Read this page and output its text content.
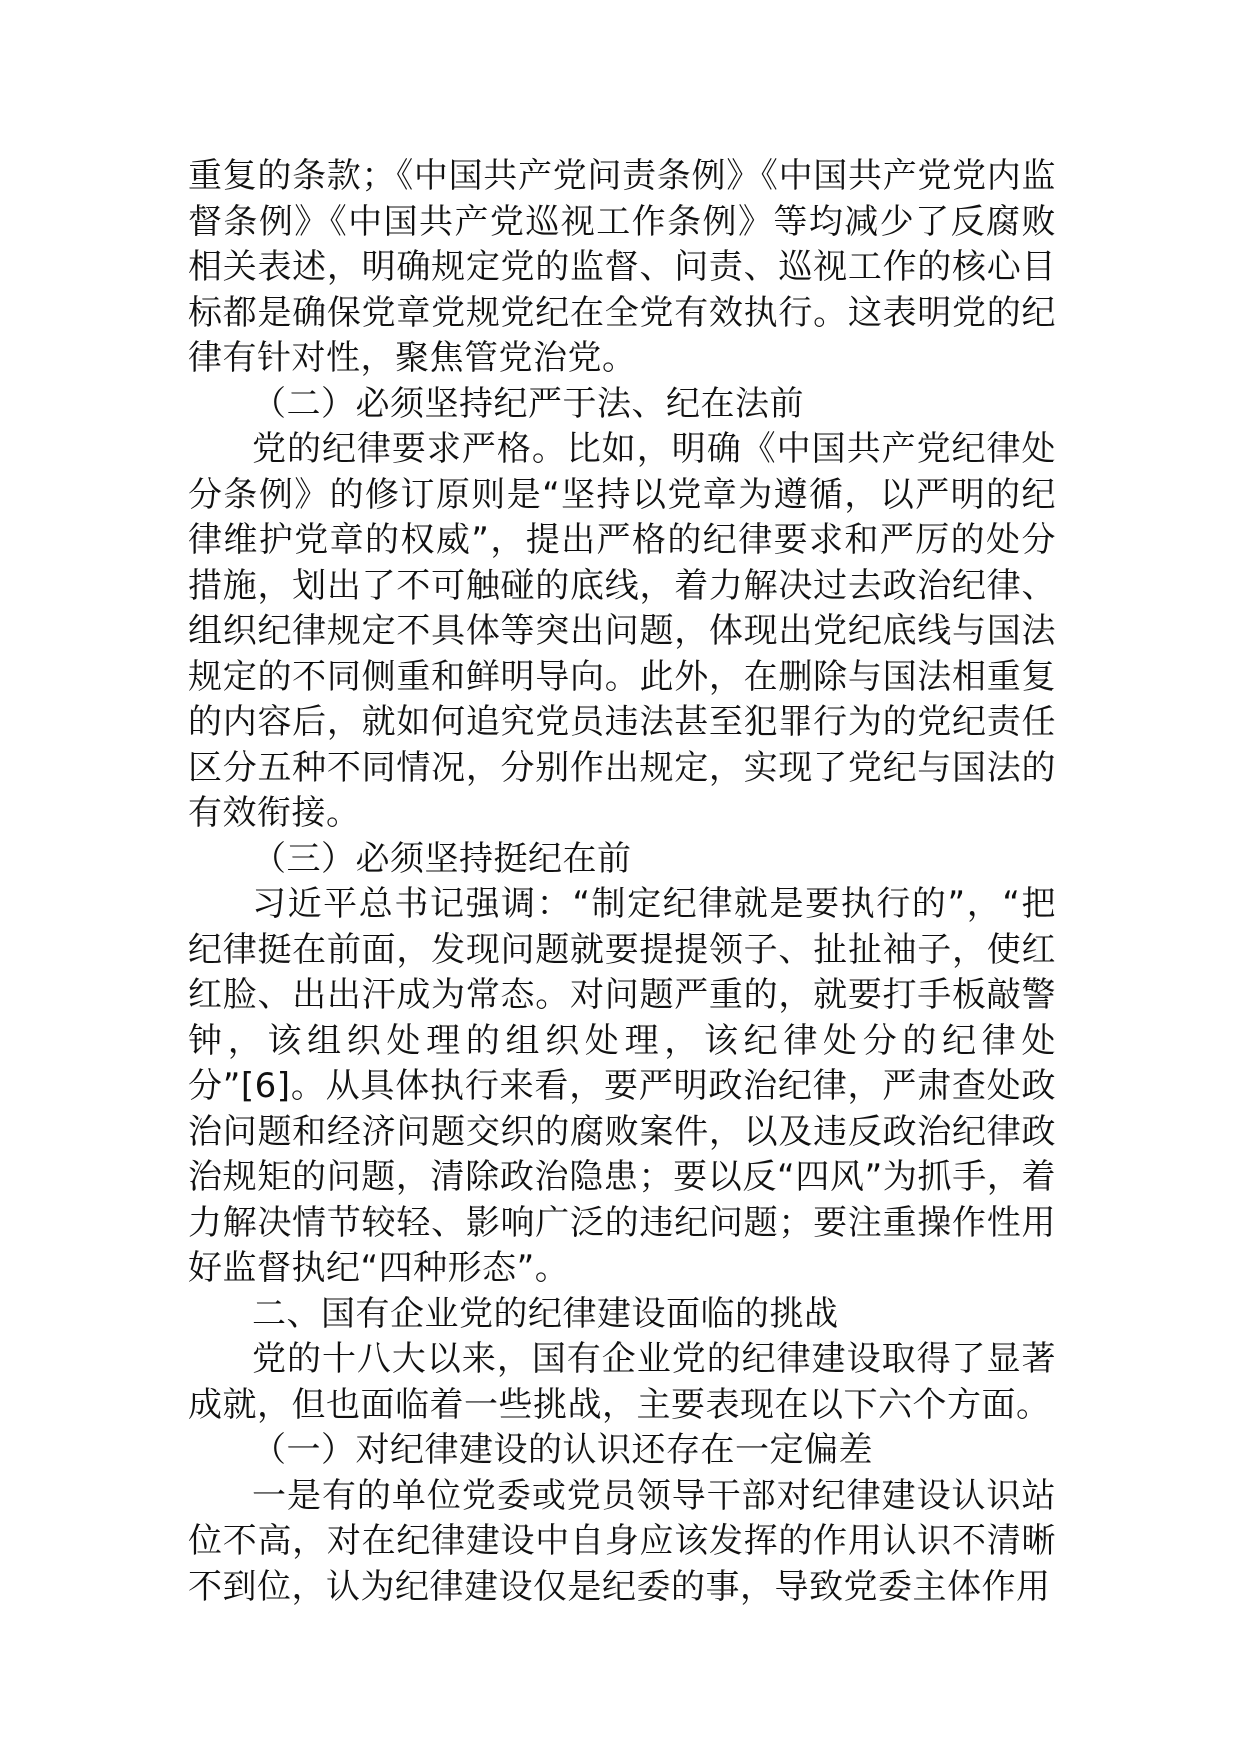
重复的条款；《中国共产党问责条例》《中国共产党党内监督条例》《中国共产党巡视工作条例》等均减少了反腐败相关表述，明确规定党的监督、问责、巡视工作的核心目标都是确保党章党规党纪在全党有效执行。这表明党的纪律有针对性，聚焦管党治党。

（二）必须坚持纪严于法、纪在法前

党的纪律要求严格。比如，明确《中国共产党纪律处分条例》的修订原则是“坚持以党章为遵循，以严明的纪律维护党章的权威”，提出严格的纪律要求和严厉的处分措施，划出了不可触碰的底线，着力解决过去政治纪律、组织纪律规定不具体等突出问题，体现出党纪底线与国法规定的不同侧重和鲜明导向。此外，在删除与国法相重复的内容后，就如何追究党员违法甚至犯罪行为的党纪责任区分五种不同情况，分别作出规定，实现了党纪与国法的有效衔接。

（三）必须坚持挺纪在前

习近平总书记强调：“制定纪律就是要执行的”，“把纪律挺在前面，发现问题就要提提领子、扯扯袖子，使红红脸、出出汗成为常态。对问题严重的，就要打手板敲警钟，该组织处理的组织处理，该纪律处分的纪律处分”[6]。从具体执行来看，要严明政治纪律，严肃查处政治问题和经济问题交织的腐败案件，以及违反政治纪律政治规矩的问题，清除政治隐患；要以反“四风”为抓手，着力解决情节较轻、影响广泛的违纪问题；要注重操作性用好监督执纪“四种形态”。

二、国有企业党的纪律建设面临的挑战

党的十八大以来，国有企业党的纪律建设取得了显著成就，但也面临着一些挑战，主要表现在以下六个方面。

（一）对纪律建设的认识还存在一定偏差

一是有的单位党委或党员领导干部对纪律建设认识站位不高，对在纪律建设中自身应该发挥的作用认识不清晰不到位，认为纪律建设仅是纪委的事，导致党委主体作用
